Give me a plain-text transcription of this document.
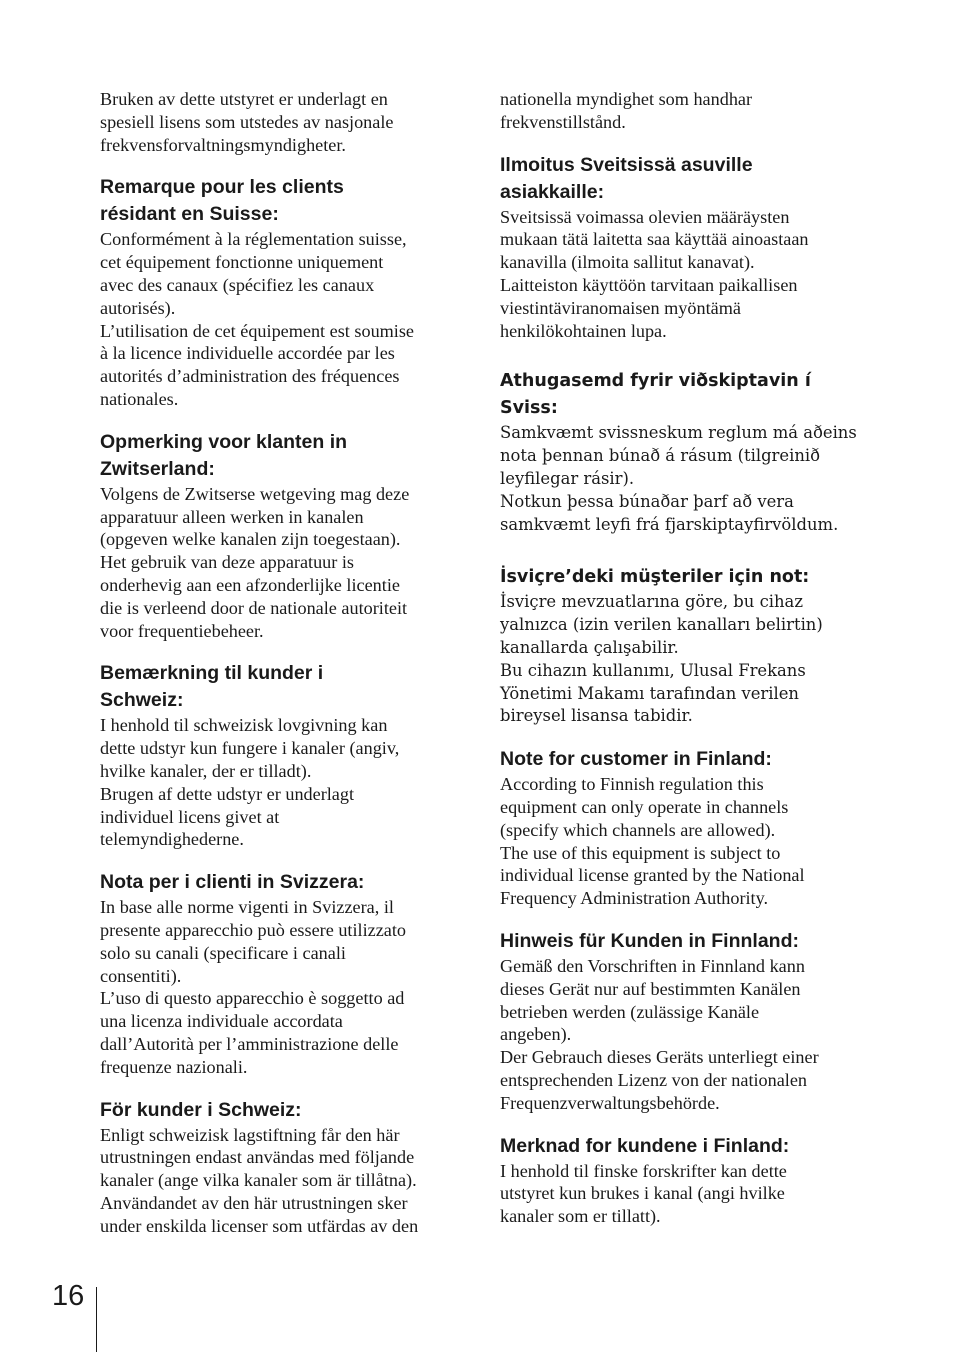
Bruken av dette utstyret er underlagt en
spesiell lisens som utstedes av nasjonale
frekvensforvaltningsmyndigheter.

Remarque pour les clients
résidant en Suisse:

Conformément à la réglementation suisse,
cet équipement fonctionne uniquement
avec des canaux (spécifiez les canaux
autorisés).
L’utilisation de cet équipement est soumise
à la licence individuelle accordée par les
autorités d’administration des fréquences
nationales.

Opmerking voor klanten in
Zwitserland:

Volgens de Zwitserse wetgeving mag deze
apparatuur alleen werken in kanalen
(opgeven welke kanalen zijn toegestaan).
Het gebruik van deze apparatuur is
onderhevig aan een afzonderlijke licentie
die is verleend door de nationale autoriteit
voor frequentiebeheer.

Bemærkning til kunder i
Schweiz:

I henhold til schweizisk lovgivning kan
dette udstyr kun fungere i kanaler (angiv,
hvilke kanaler, der er tilladt).
Brugen af dette udstyr er underlagt
individuel licens givet at
telemyndighederne.

Nota per i clienti in Svizzera:

In base alle norme vigenti in Svizzera, il
presente apparecchio può essere utilizzato
solo su canali (specificare i canali
consentiti).
L’uso di questo apparecchio è soggetto ad
una licenza individuale accordata
dall’Autorità per l’amministrazione delle
frequenze nazionali.

För kunder i Schweiz:

Enligt schweizisk lagstiftning får den här
utrustningen endast användas med följande
kanaler (ange vilka kanaler som är tillåtna).
Användandet av den här utrustningen sker
under enskilda licenser som utfärdas av den

nationella myndighet som handhar
frekvenstillstånd.

Ilmoitus Sveitsissä asuville
asiakkaille:

Sveitsissä voimassa olevien määräysten
mukaan tätä laitetta saa käyttää ainoastaan
kanavilla (ilmoita sallitut kanavat).
Laitteiston käyttöön tarvitaan paikallisen
viestintäviranomaisen myöntämä
henkilökohtainen lupa.

Athugasemd fyrir viðskiptavin í
Sviss:

Samkvæmt svissneskum reglum má aðeins
nota þennan búnað á rásum (tilgreinið
leyfilegar rásir).
Notkun þessa búnaðar þarf að vera
samkvæmt leyfi frá fjarskiptayfirvöldum.

İsviçre’deki müşteriler için not:

İsviçre mevzuatlarına göre, bu cihaz
yalnızca (izin verilen kanalları belirtin)
kanallarda çalışabilir.
Bu cihazın kullanımı, Ulusal Frekans
Yönetimi Makamı tarafından verilen
bireysel lisansa tabidir.

Note for customer in Finland:

According to Finnish regulation this
equipment can only operate in channels
(specify which channels are allowed).
The use of this equipment is subject to
individual license granted by the National
Frequency Administration Authority.

Hinweis für Kunden in Finnland:

Gemäß den Vorschriften in Finnland kann
dieses Gerät nur auf bestimmten Kanälen
betrieben werden (zulässige Kanäle
angeben).
Der Gebrauch dieses Geräts unterliegt einer
entsprechenden Lizenz von der nationalen
Frequenzverwaltungsbehörde.

Merknad for kundene i Finland:

I henhold til finske forskrifter kan dette
utstyret kun brukes i kanal (angi hvilke
kanaler som er tillatt).

16
